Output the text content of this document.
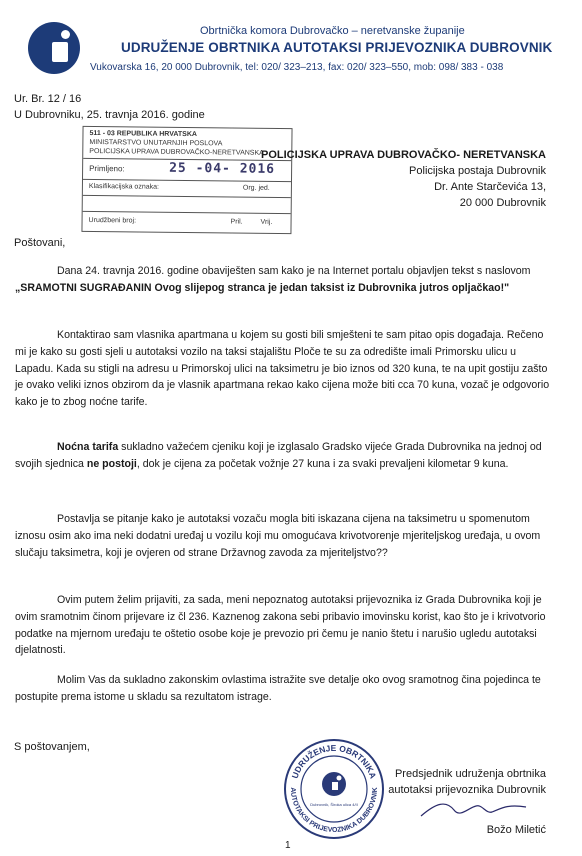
Obrtnička komora Dubrovačko – neretvanske županije
UDRUŽENJE OBRTNIKA AUTOTAKSI PRIJEVOZNIKA DUBROVNIK
Vukovarska 16, 20 000 Dubrovnik, tel: 020/ 323–213, fax: 020/ 323–550, mob: 098/ 383 - 038
Ur. Br. 12 / 16
U Dubrovniku, 25. travnja 2016. godine
511 - 03 REPUBLIKA HRVATSKA
MINISTARSTVO UNUTARNJIH POSLOVA
POLICIJSKA UPRAVA DUBROVAČKO-NERETVANSKA
Primljeno:	25 -04- 2016
Klasifikacijska oznaka:	Org. jed.
Urudžbeni broj:	Pril.	Vrij.
POLICIJSKA UPRAVA DUBROVAČKO- NERETVANSKA
Policijska postaja Dubrovnik
Dr. Ante Starčevića 13,
20 000 Dubrovnik
Poštovani,

Dana 24. travnja 2016. godine obaviješten sam kako je na Internet portalu objavljen tekst s naslovom „SRAMOTNI SUGRAĐANIN Ovog slijepog stranca je jedan taksist iz Dubrovnika jutros opljačkao!"

Kontaktirao sam vlasnika apartmana u kojem su gosti bili smješteni te sam pitao opis događaja. Rečeno mi je kako su gosti sjeli u autotaksi vozilo na taksi stajalištu Ploče te su za odredište imali Primorsku ulicu u Lapadu. Kada su stigli na adresu u Primorskoj ulici na taksimetru je bio iznos od 320 kuna, te na upit gostiju zašto je ovako veliki iznos obzirom da je vlasnik apartmana rekao kako cijena može biti cca 70 kuna, vozač je odgovorio kako je to zbog noćne tarife.

Noćna tarifa sukladno važećem cjeniku koji je izglasalo Gradsko vijeće Grada Dubrovnika na jednoj od svojih sjednica ne postoji, dok je cijena za početak vožnje 27 kuna i za svaki prevaljeni kilometar 9 kuna.

Postavlja se pitanje kako je autotaksi vozaču mogla biti iskazana cijena na taksimetru u spomenutom iznosu osim ako ima neki dodatni uređaj u vozilu koji mu omogućava krivotvorenje mjeriteljskog uređaja, u ovom slučaju taksimetra, koji je ovjeren od strane Državnog zavoda za mjeriteljstvo??

Ovim putem želim prijaviti, za sada, meni nepoznatog autotaksi prijevoznika iz Grada Dubrovnika koji je ovim sramotnim činom prijevare iz čl 236. Kaznenog zakona sebi pribavio imovinsku korist, kao što je i krivotvorio podatke na mjernom uređaju te oštetio osobe koje je prevozio pri čemu je nanio štetu i narušio ugledu autotaksi djelatnosti.

Molim Vas da sukladno zakonskim ovlastima istražite sve detalje oko ovog sramotnog čina pojedinca te postupite prema istome u skladu sa rezultatom istrage.

S poštovanjem,
UDRUŽENJE OBRTNIKA
AUTOTAKSI PRIJEVOZNIKA DUBROVNIK
Dubrovnik, Široka ulica 4/II
Predsjednik udruženja obrtnika
autotaksi prijevoznika Dubrovnik
Božo Miletić
1
